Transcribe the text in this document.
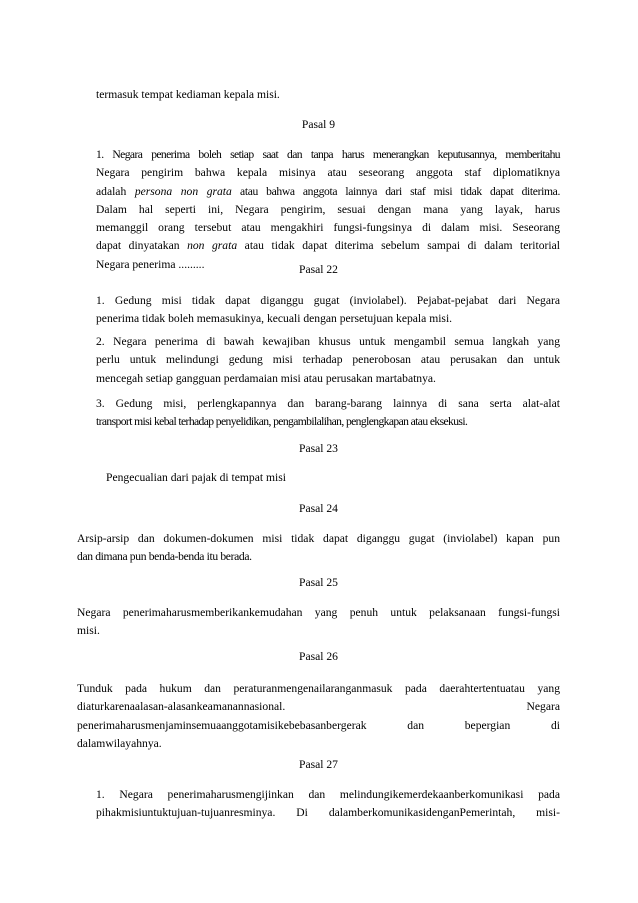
termasuk tempat kediaman kepala misi.
Pasal 9
1. Negara penerima boleh setiap saat dan tanpa harus menerangkan keputusannya, memberitahu
Negara pengirim bahwa kepala misinya atau seseorang anggota staf diplomatiknya
adalah persona non grata atau bahwa anggota lainnya dari staf misi tidak dapat diterima.
Dalam hal seperti ini, Negara pengirim, sesuai dengan mana yang layak, harus
memanggil orang tersebut atau mengakhiri fungsi-fungsinya di dalam misi. Seseorang
dapat dinyatakan non grata atau tidak dapat diterima sebelum sampai di dalam teritorial
Negara penerima .........	Pasal 22
1. Gedung misi tidak dapat diganggu gugat (inviolabel). Pejabat-pejabat dari Negara
penerima tidak boleh memasukinya, kecuali dengan persetujuan kepala misi.
2. Negara penerima di bawah kewajiban khusus untuk mengambil semua langkah yang
perlu untuk melindungi gedung misi terhadap penerobosan atau perusakan dan untuk
mencegah setiap gangguan perdamaian misi atau perusakan martabatnya.
3. Gedung misi, perlengkapannya dan barang-barang lainnya di sana serta alat-alat
transport misi kebal terhadap penyelidikan, pengambilalihan, penglengkapan atau eksekusi.
Pasal 23
Pengecualian dari pajak di tempat misi
Pasal 24
Arsip-arsip dan dokumen-dokumen misi tidak dapat diganggu gugat (inviolabel) kapan pun
dan dimana pun benda-benda itu berada.
Pasal 25
Negara penerimaharusmemberikankemudahan yang penuh untuk pelaksanaan fungsi-fungsi
misi.
Pasal 26
Tunduk pada hukum dan peraturanmengenailaranganmasuk pada daerahtertentuatau yang
diaturkarenaalasan-alasankeamanannasional.	Negara
penerimaharusmenjaminsemuaanggotamisikebebasanbergerak	dan	bepergian	di
dalamwilayahnya.
Pasal 27
1. Negara penerimaharusmengijinkan dan melindungikemerdekaanberkomunikasi pada
pihakmisiuntuktujuan-tujuanresminya. Di dalamberkomunikasidenganPemerintah, misi-
